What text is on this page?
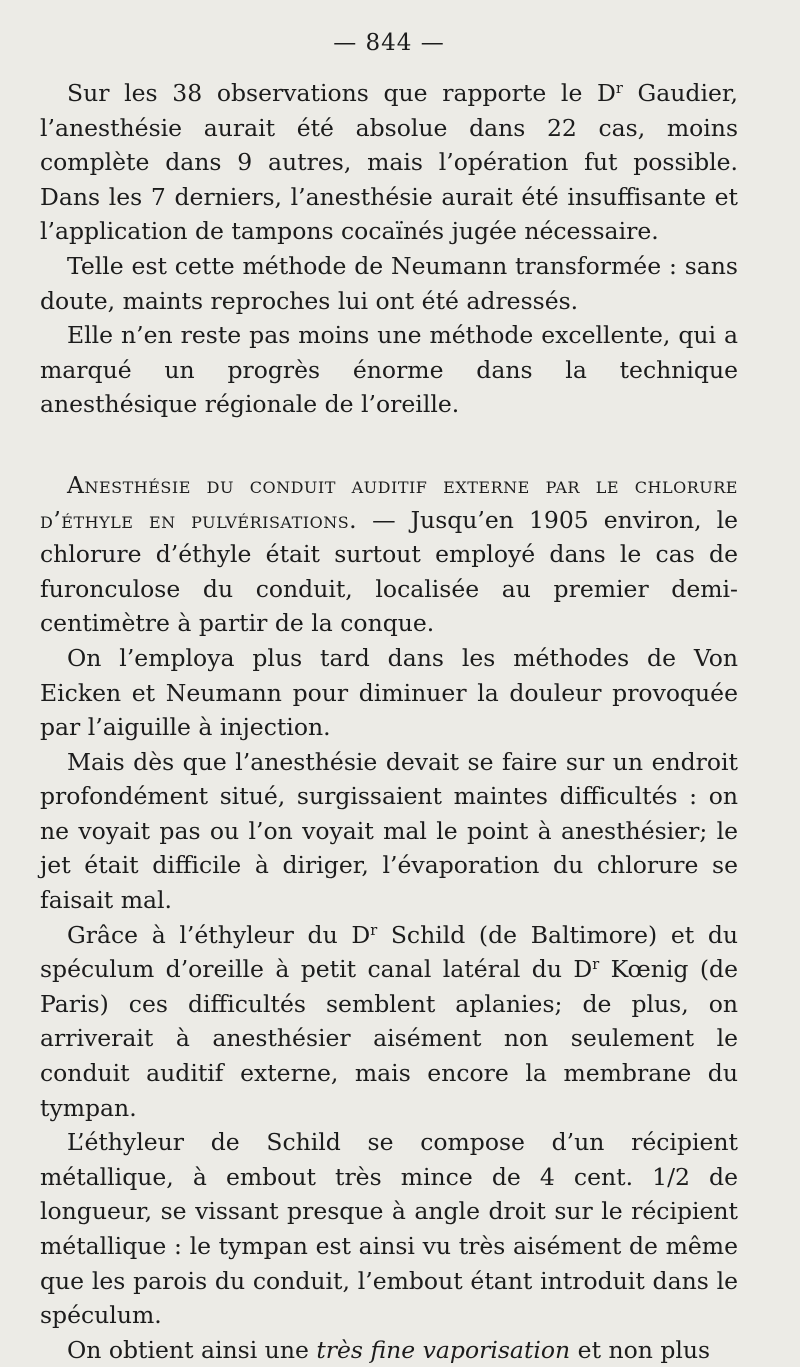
— 844 —

Sur les 38 observations que rapporte le $D^r$ Gaudier, l’anesthésie aurait été absolue dans 22 cas, moins complète dans 9 autres, mais l’opération fut possible. Dans les 7 derniers, l’anesthésie aurait été insuffisante et l’application de tampons cocaïnés jugée nécessaire.

Telle est cette méthode de Neumann transformée : sans doute, maints reproches lui ont été adressés.

Elle n’en reste pas moins une méthode excellente, qui a marqué un progrès énorme dans la technique anesthésique régionale de l’oreille.

Anesthésie du conduit auditif externe par le chlorure d’éthyle en pulvérisations. — Jusqu’en 1905 environ, le chlorure d’éthyle était surtout employé dans le cas de furonculose du conduit, localisée au premier demi-centimètre à partir de la conque.

On l’employa plus tard dans les méthodes de Von Eicken et Neumann pour diminuer la douleur provoquée par l’aiguille à injection.

Mais dès que l’anesthésie devait se faire sur un endroit profondément situé, surgissaient maintes difficultés : on ne voyait pas ou l’on voyait mal le point à anesthésier; le jet était difficile à diriger, l’évaporation du chlorure se faisait mal.

Grâce à l’éthyleur du $D^r$ Schild (de Baltimore) et du spéculum d’oreille à petit canal latéral du $D^r$ Kœnig (de Paris) ces difficultés semblent aplanies; de plus, on arriverait à anesthésier aisément non seulement le conduit auditif externe, mais encore la membrane du tympan.

L’éthyleur de Schild se compose d’un récipient métallique, à embout très mince de 4 cent. 1/2 de longueur, se vissant presque à angle droit sur le récipient métallique : le tympan est ainsi vu très aisément de même que les parois du conduit, l’embout étant introduit dans le spéculum.

On obtient ainsi une très fine vaporisation et non plus
